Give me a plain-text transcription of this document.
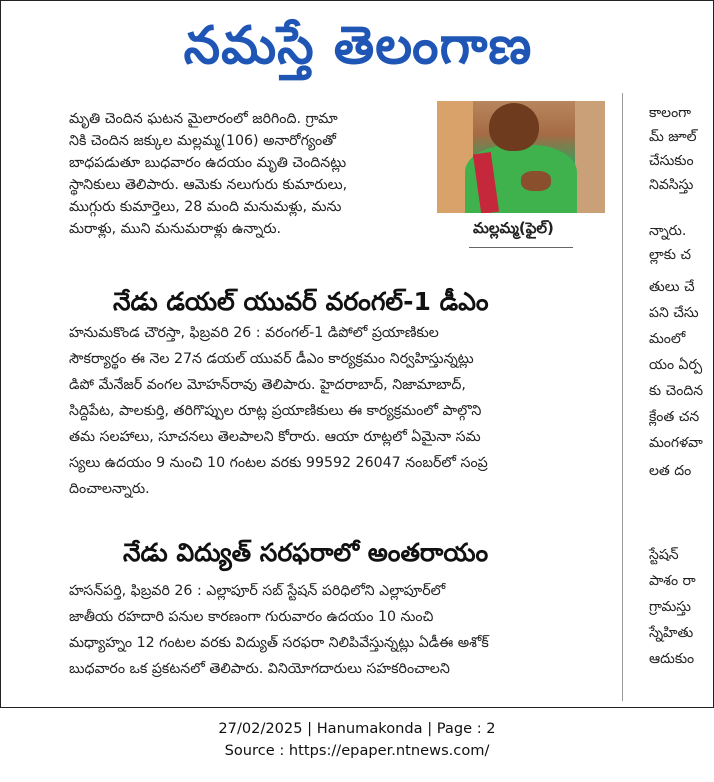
నమస్తే తెలంగాణ
మృతి చెందిన ఘటన మైలారంలో జరిగింది. గ్రామా
నికి చెందిన జక్కుల మల్లమ్మ(106) అనారోగ్యంతో
బాధపడుతూ బుధవారం ఉదయం మృతి చెందినట్లు
స్థానికులు తెలిపారు. ఆమెకు నలుగురు కుమారులు,
ముగ్గురు కుమార్తెలు, 28 మంది మనుమళ్లు, మను
మరాళ్లు, ముని మనుమరాళ్లు ఉన్నారు.	మల్లమ్మ(ఫైల్)
నేడు డయల్ యువర్ వరంగల్-1 డీఎం
హనుమకొండ చౌరస్తా, ఫిబ్రవరి 26 : వరంగల్-1 డిపోలో ప్రయాణికుల
సౌకర్యార్థం ఈ నెల 27న డయల్ యువర్ డీఎం కార్యక్రమం నిర్వహిస్తున్నట్లు
డిపో మేనేజర్ వంగల మోహన్‌రావు తెలిపారు. హైదరాబాద్, నిజామాబాద్,
సిద్దిపేట, పాలకుర్తి, తరిగొప్పుల రూట్ల ప్రయాణికులు ఈ కార్యక్రమంలో పాల్గొని
తమ సలహాలు, సూచనలు తెలపాలని కోరారు. ఆయా రూట్లలో ఏమైనా సమ
స్యలు ఉదయం 9 నుంచి 10 గంటల వరకు 99592 26047 నంబర్‌లో సంప్ర
దించాలన్నారు.
నేడు విద్యుత్ సరఫరాలో అంతరాయం
హసన్‌పర్తి, ఫిబ్రవరి 26 : ఎల్లాపూర్ సబ్ స్టేషన్ పరిధిలోని ఎల్లాపూర్‌లో
జాతీయ రహదారి పనుల కారణంగా గురువారం ఉదయం 10 నుంచి
మధ్యాహ్నం 12 గంటల వరకు విద్యుత్ సరఫరా నిలిపివేస్తున్నట్లు ఏడీఈ అశోక్
బుధవారం ఒక ప్రకటనలో తెలిపారు. వినియోగదారులు సహకరించాలని
కాలంగా
మ్ జూల్
చేసుకుం
నివసిస్తు
న్నారు.
ల్లాకు చ
తులు చే
పని చేసు
మంలో
యం ఏర్ప
కు చెందిన
క్లేంత చన
మంగళవా
లత దం
స్టేషన్
పాశం రా
గ్రామస్తు
స్నేహితు
ఆదుకుం
27/02/2025 | Hanumakonda | Page : 2
Source : https://epaper.ntnews.com/
